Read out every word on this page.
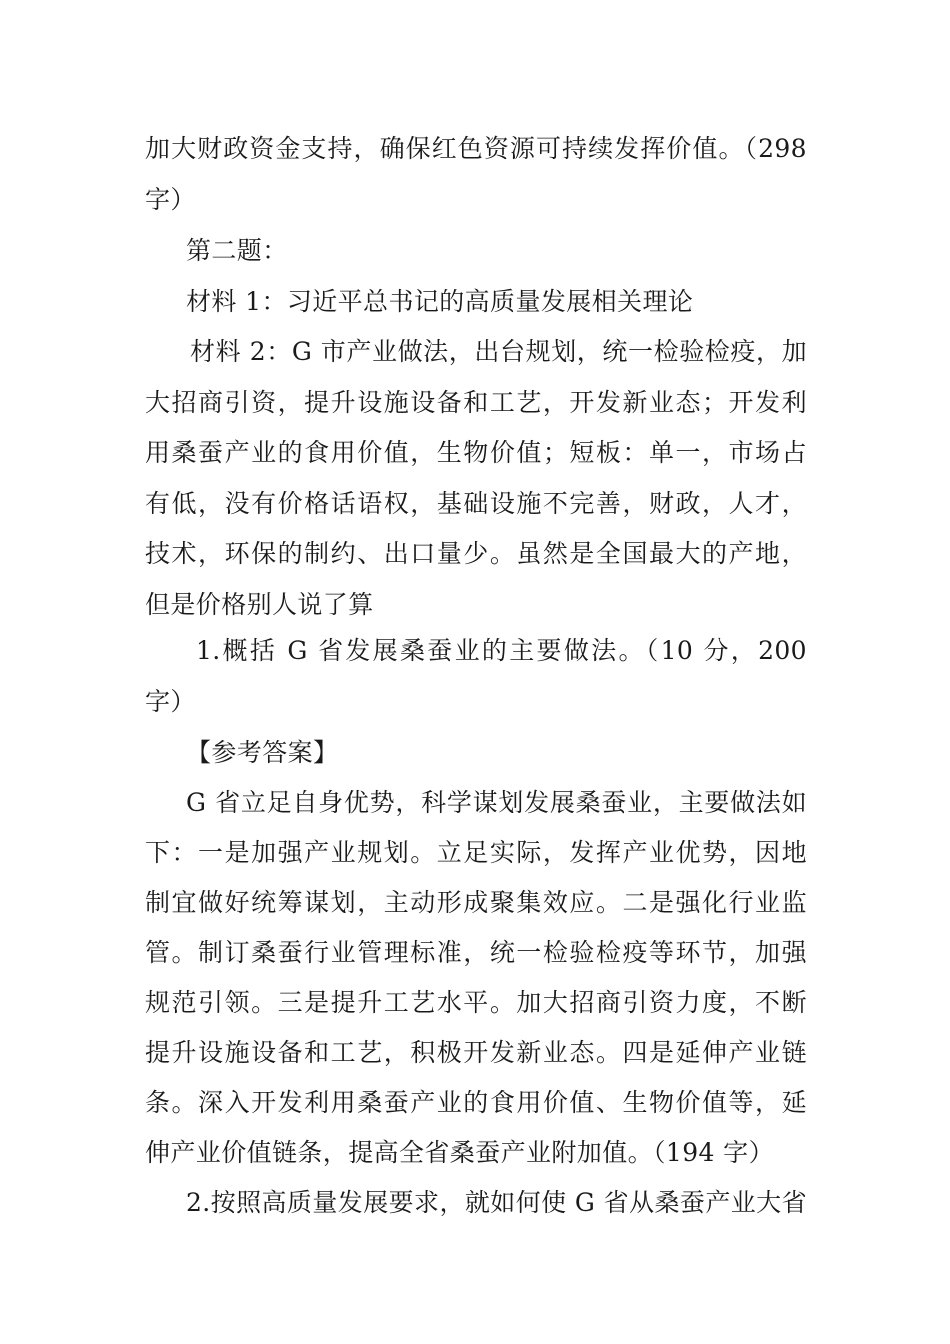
加大财政资金支持，确保红色资源可持续发挥价值。（298
字）
第二题：
材料 1：习近平总书记的高质量发展相关理论
材料 2：G 市产业做法，出台规划，统一检验检疫，加
大招商引资，提升设施设备和工艺，开发新业态；开发利
用桑蚕产业的食用价值，生物价值；短板：单一，市场占
有低，没有价格话语权，基础设施不完善，财政，人才，
技术，环保的制约、出口量少。虽然是全国最大的产地，
但是价格别人说了算
1.概括 G 省发展桑蚕业的主要做法。（10 分，200
字）
【参考答案】
G 省立足自身优势，科学谋划发展桑蚕业，主要做法如
下：一是加强产业规划。立足实际，发挥产业优势，因地
制宜做好统筹谋划，主动形成聚集效应。二是强化行业监
管。制订桑蚕行业管理标准，统一检验检疫等环节，加强
规范引领。三是提升工艺水平。加大招商引资力度，不断
提升设施设备和工艺，积极开发新业态。四是延伸产业链
条。深入开发利用桑蚕产业的食用价值、生物价值等，延
伸产业价值链条，提高全省桑蚕产业附加值。（194 字）
2.按照高质量发展要求，就如何使 G 省从桑蚕产业大省
